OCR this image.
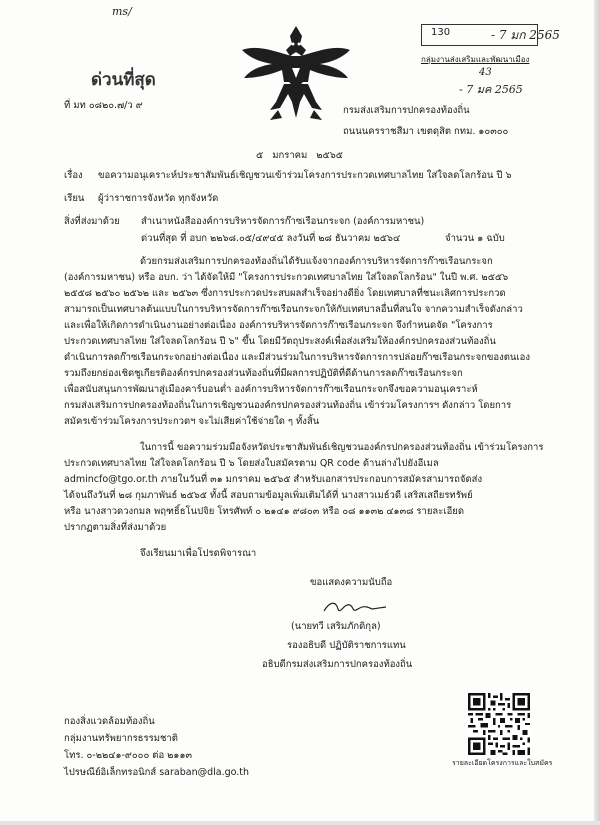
ms/
130	- 7 มก 2565
กลุ่มงานส่งเสริมและพัฒนาเมือง
43
- 7 มค 2565
ด่วนที่สุด
ที่ มท ๐๘๒๐.๗/ว ๙	กรมส่งเสริมการปกครองท้องถิ่น
ถนนนครราชสีมา เขตดุสิต กทม. ๑๐๓๐๐
๕ มกราคม ๒๕๖๕
เรื่อง ขอความอนุเคราะห์ประชาสัมพันธ์เชิญชวนเข้าร่วมโครงการประกวดเทศบาลไทย ใส่ใจลดโลกร้อน ปี ๖
เรียน ผู้ว่าราชการจังหวัด ทุกจังหวัด
สิ่งที่ส่งมาด้วย สำเนาหนังสือองค์การบริหารจัดการก๊าซเรือนกระจก (องค์การมหาชน)
ด่วนที่สุด ที่ อบก ๒๒๖๘.๐๕/๔๙๔๕ ลงวันที่ ๒๘ ธันวาคม ๒๕๖๔	จำนวน ๑ ฉบับ
ด้วยกรมส่งเสริมการปกครองท้องถิ่นได้รับแจ้งจากองค์การบริหารจัดการก๊าซเรือนกระจก
(องค์การมหาชน) หรือ อบก. ว่า ได้จัดให้มี "โครงการประกวดเทศบาลไทย ใส่ใจลดโลกร้อน" ในปี พ.ศ. ๒๕๕๖
๒๕๕๘ ๒๕๖๐ ๒๕๖๒ และ ๒๕๖๓ ซึ่งการประกวดประสบผลสำเร็จอย่างดียิ่ง โดยเทศบาลที่ชนะเลิศการประกวด
สามารถเป็นเทศบาลต้นแบบในการบริหารจัดการก๊าซเรือนกระจกให้กับเทศบาลอื่นที่สนใจ จากความสำเร็จดังกล่าว
และเพื่อให้เกิดการดำเนินงานอย่างต่อเนื่อง องค์การบริหารจัดการก๊าซเรือนกระจก จึงกำหนดจัด "โครงการ
ประกวดเทศบาลไทย ใส่ใจลดโลกร้อน ปี ๖" ขึ้น โดยมีวัตถุประสงค์เพื่อส่งเสริมให้องค์กรปกครองส่วนท้องถิ่น
ดำเนินการลดก๊าซเรือนกระจกอย่างต่อเนื่อง และมีส่วนร่วมในการบริหารจัดการการปล่อยก๊าซเรือนกระจกของตนเอง
รวมถึงยกย่องเชิดชูเกียรติองค์กรปกครองส่วนท้องถิ่นที่มีผลการปฏิบัติที่ดีด้านการลดก๊าซเรือนกระจก
เพื่อสนับสนุนการพัฒนาสู่เมืองคาร์บอนต่ำ องค์การบริหารจัดการก๊าซเรือนกระจกจึงขอความอนุเคราะห์
กรมส่งเสริมการปกครองท้องถิ่นในการเชิญชวนองค์กรปกครองส่วนท้องถิ่น เข้าร่วมโครงการฯ ดังกล่าว โดยการ
สมัครเข้าร่วมโครงการประกวดฯ จะไม่เสียค่าใช้จ่ายใด ๆ ทั้งสิ้น
ในการนี้ ขอความร่วมมือจังหวัดประชาสัมพันธ์เชิญชวนองค์กรปกครองส่วนท้องถิ่น เข้าร่วมโครงการ
ประกวดเทศบาลไทย ใส่ใจลดโลกร้อน ปี ๖ โดยส่งใบสมัครตาม QR code ด้านล่างไปยังอีเมล
admincfo@tgo.or.th ภายในวันที่ ๓๑ มกราคม ๒๕๖๕ สำหรับเอกสารประกอบการสมัครสามารถจัดส่ง
ได้จนถึงวันที่ ๒๘ กุมภาพันธ์ ๒๕๖๕ ทั้งนี้ สอบถามข้อมูลเพิ่มเติมได้ที่ นางสาวเมธ์วดี เสริสเสถียรทรัพย์
หรือ นางสาวดวงกมล พฤฑธิ์ธโนปจิย โทรศัพท์ ๐ ๒๑๔๑ ๙๘๐๓ หรือ ๐๘ ๑๑๓๒ ๔๑๓๘ รายละเอียด
ปรากฏตามสิ่งที่ส่งมาด้วย
จึงเรียนมาเพื่อโปรดพิจารณา
ขอแสดงความนับถือ
(นายทวี เสริมภักดิกุล)
รองอธิบดี ปฏิบัติราชการแทน
อธิบดีกรมส่งเสริมการปกครองท้องถิ่น
กองสิ่งแวดล้อมท้องถิ่น
กลุ่มงานทรัพยากรธรรมชาติ
โทร. ๐-๒๒๔๑-๙๐๐๐ ต่อ ๒๑๑๓
ไปรษณีย์อิเล็กทรอนิกส์ saraban@dla.go.th
รายละเอียดโครงการและใบสมัคร
